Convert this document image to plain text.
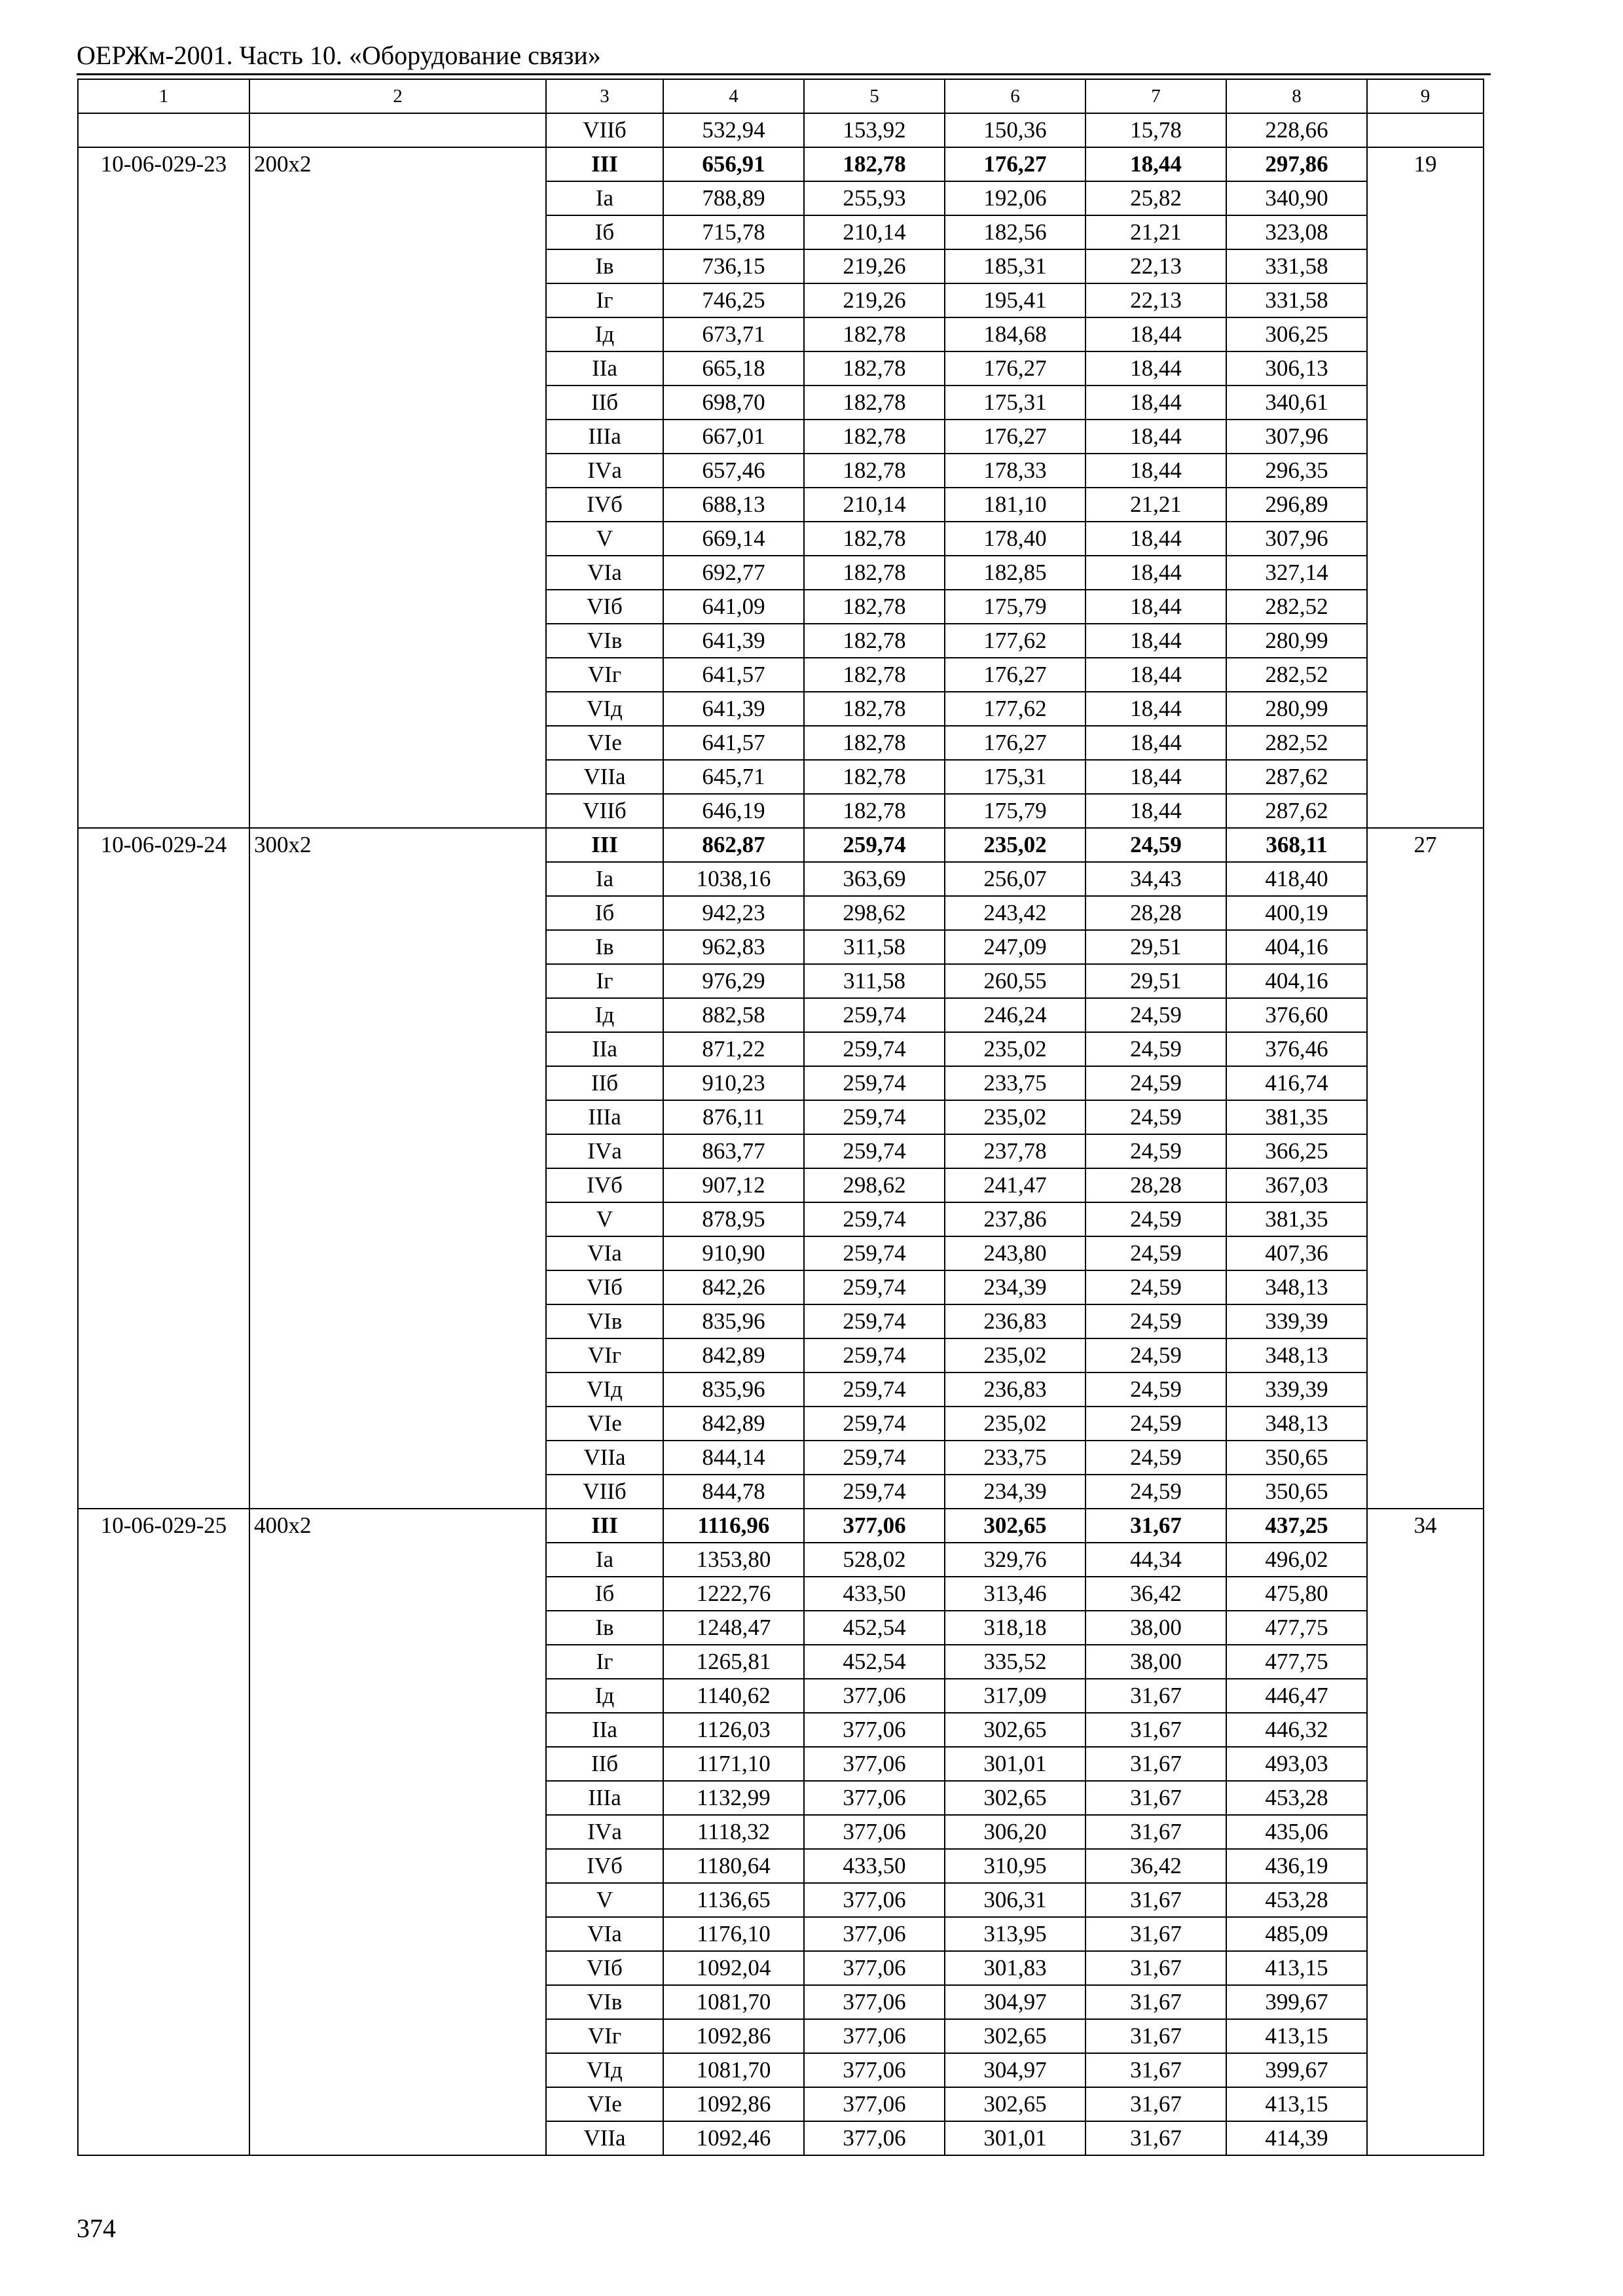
ОЕРЖм-2001. Часть 10. «Оборудование связи»
1	2	3	4	5	6	7	8	9
		VIIб	532,94	153,92	150,36	15,78	228,66	
10-06-029-23	200х2	III	656,91	182,78	176,27	18,44	297,86	19
		Iа	788,89	255,93	192,06	25,82	340,90	
		Iб	715,78	210,14	182,56	21,21	323,08	
		Iв	736,15	219,26	185,31	22,13	331,58	
		Iг	746,25	219,26	195,41	22,13	331,58	
		Iд	673,71	182,78	184,68	18,44	306,25	
		IIа	665,18	182,78	176,27	18,44	306,13	
		IIб	698,70	182,78	175,31	18,44	340,61	
		IIIа	667,01	182,78	176,27	18,44	307,96	
		IVа	657,46	182,78	178,33	18,44	296,35	
		IVб	688,13	210,14	181,10	21,21	296,89	
		V	669,14	182,78	178,40	18,44	307,96	
		VIа	692,77	182,78	182,85	18,44	327,14	
		VIб	641,09	182,78	175,79	18,44	282,52	
		VIв	641,39	182,78	177,62	18,44	280,99	
		VIг	641,57	182,78	176,27	18,44	282,52	
		VIд	641,39	182,78	177,62	18,44	280,99	
		VIе	641,57	182,78	176,27	18,44	282,52	
		VIIа	645,71	182,78	175,31	18,44	287,62	
		VIIб	646,19	182,78	175,79	18,44	287,62	
10-06-029-24	300х2	III	862,87	259,74	235,02	24,59	368,11	27
		Iа	1038,16	363,69	256,07	34,43	418,40	
		Iб	942,23	298,62	243,42	28,28	400,19	
		Iв	962,83	311,58	247,09	29,51	404,16	
		Iг	976,29	311,58	260,55	29,51	404,16	
		Iд	882,58	259,74	246,24	24,59	376,60	
		IIа	871,22	259,74	235,02	24,59	376,46	
		IIб	910,23	259,74	233,75	24,59	416,74	
		IIIа	876,11	259,74	235,02	24,59	381,35	
		IVа	863,77	259,74	237,78	24,59	366,25	
		IVб	907,12	298,62	241,47	28,28	367,03	
		V	878,95	259,74	237,86	24,59	381,35	
		VIа	910,90	259,74	243,80	24,59	407,36	
		VIб	842,26	259,74	234,39	24,59	348,13	
		VIв	835,96	259,74	236,83	24,59	339,39	
		VIг	842,89	259,74	235,02	24,59	348,13	
		VIд	835,96	259,74	236,83	24,59	339,39	
		VIе	842,89	259,74	235,02	24,59	348,13	
		VIIа	844,14	259,74	233,75	24,59	350,65	
		VIIб	844,78	259,74	234,39	24,59	350,65	
10-06-029-25	400х2	III	1116,96	377,06	302,65	31,67	437,25	34
		Iа	1353,80	528,02	329,76	44,34	496,02	
		Iб	1222,76	433,50	313,46	36,42	475,80	
		Iв	1248,47	452,54	318,18	38,00	477,75	
		Iг	1265,81	452,54	335,52	38,00	477,75	
		Iд	1140,62	377,06	317,09	31,67	446,47	
		IIа	1126,03	377,06	302,65	31,67	446,32	
		IIб	1171,10	377,06	301,01	31,67	493,03	
		IIIа	1132,99	377,06	302,65	31,67	453,28	
		IVа	1118,32	377,06	306,20	31,67	435,06	
		IVб	1180,64	433,50	310,95	36,42	436,19	
		V	1136,65	377,06	306,31	31,67	453,28	
		VIа	1176,10	377,06	313,95	31,67	485,09	
		VIб	1092,04	377,06	301,83	31,67	413,15	
		VIв	1081,70	377,06	304,97	31,67	399,67	
		VIг	1092,86	377,06	302,65	31,67	413,15	
		VIд	1081,70	377,06	304,97	31,67	399,67	
		VIе	1092,86	377,06	302,65	31,67	413,15	
		VIIа	1092,46	377,06	301,01	31,67	414,39	
374
